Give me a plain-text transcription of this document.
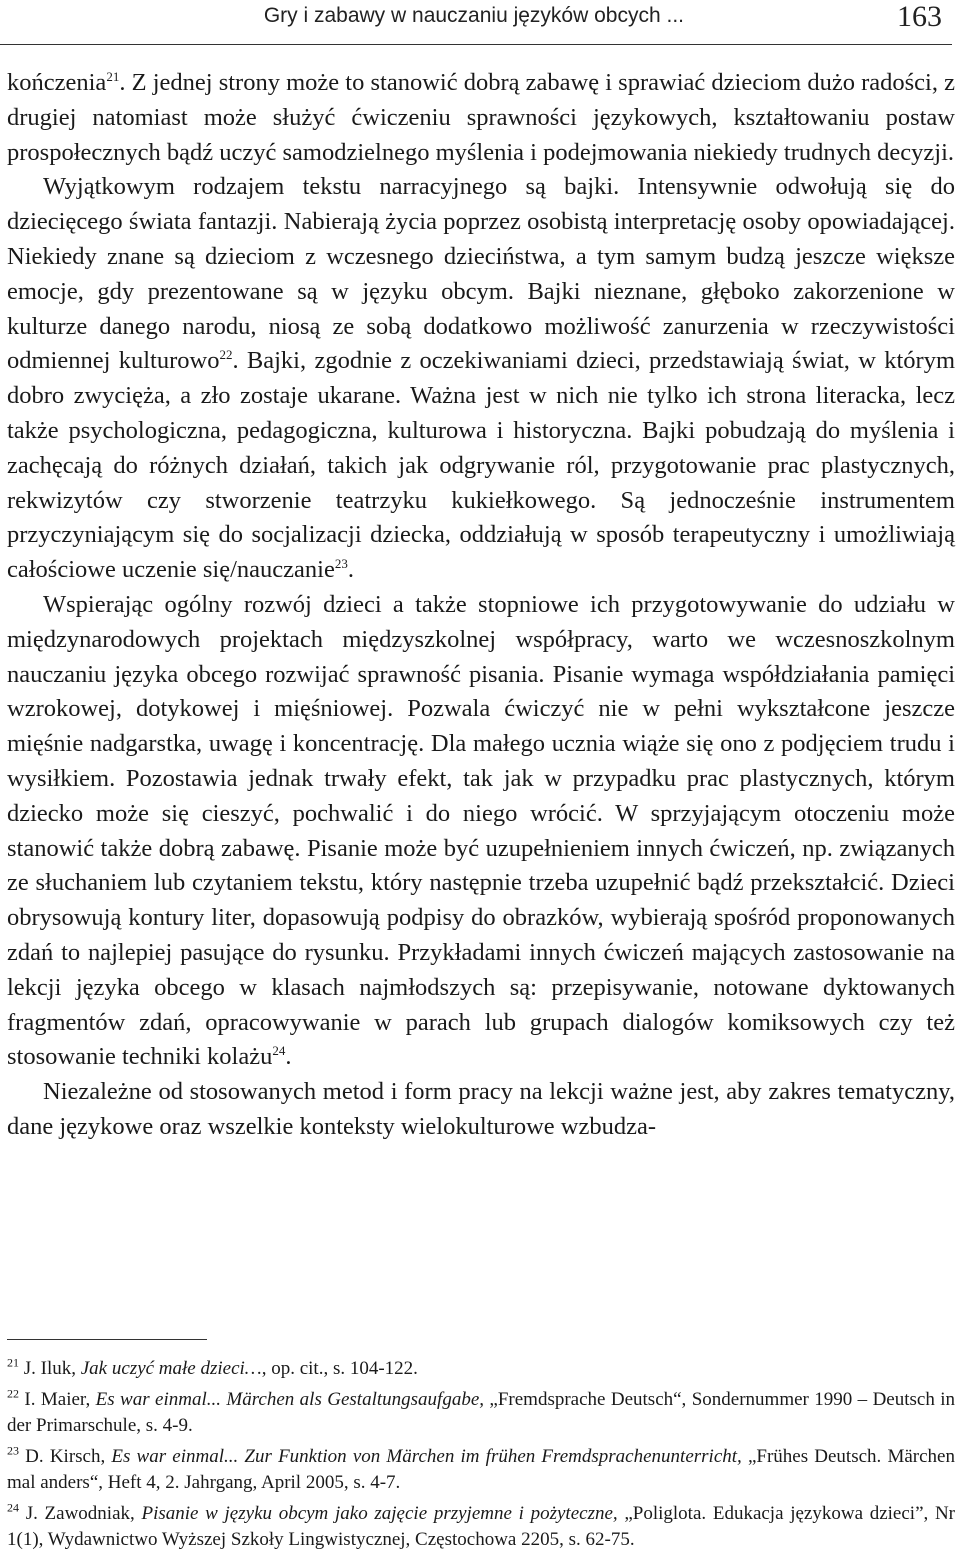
Gry i zabawy w nauczaniu języków obcych ...	163

kończenia$^{21}$. Z jednej strony może to stanowić dobrą zabawę i sprawiać dzieciom dużo radości, z drugiej natomiast może służyć ćwiczeniu sprawności językowych, kształtowaniu postaw prospołecznych bądź uczyć samodzielnego myślenia i podejmowania niekiedy trudnych decyzji.

Wyjątkowym rodzajem tekstu narracyjnego są bajki. Intensywnie odwołują się do dziecięcego świata fantazji. Nabierają życia poprzez osobistą interpretację osoby opowiadającej. Niekiedy znane są dzieciom z wczesnego dzieciństwa, a tym samym budzą jeszcze większe emocje, gdy prezentowane są w języku obcym. Bajki nieznane, głęboko zakorzenione w kulturze danego narodu, niosą ze sobą dodatkowo możliwość zanurzenia w rzeczywistości odmiennej kulturowo$^{22}$. Bajki, zgodnie z oczekiwaniami dzieci, przedstawiają świat, w którym dobro zwycięża, a zło zostaje ukarane. Ważna jest w nich nie tylko ich strona literacka, lecz także psychologiczna, pedagogiczna, kulturowa i historyczna. Bajki pobudzają do myślenia i zachęcają do różnych działań, takich jak odgrywanie ról, przygotowanie prac plastycznych, rekwizytów czy stworzenie teatrzyku kukiełkowego. Są jednocześnie instrumentem przyczyniającym się do socjalizacji dziecka, oddziałują w sposób terapeutyczny i umożliwiają całościowe uczenie się/nauczanie$^{23}$.

Wspierając ogólny rozwój dzieci a także stopniowe ich przygotowywanie do udziału w międzynarodowych projektach międzyszkolnej współpracy, warto we wczesnoszkolnym nauczaniu języka obcego rozwijać sprawność pisania. Pisanie wymaga współdziałania pamięci wzrokowej, dotykowej i mięśniowej. Pozwala ćwiczyć nie w pełni wykształcone jeszcze mięśnie nadgarstka, uwagę i koncentrację. Dla małego ucznia wiąże się ono z podjęciem trudu i wysiłkiem. Pozostawia jednak trwały efekt, tak jak w przypadku prac plastycznych, którym dziecko może się cieszyć, pochwalić i do niego wrócić. W sprzyjającym otoczeniu może stanowić także dobrą zabawę. Pisanie może być uzupełnieniem innych ćwiczeń, np. związanych ze słuchaniem lub czytaniem tekstu, który następnie trzeba uzupełnić bądź przekształcić. Dzieci obrysowują kontury liter, dopasowują podpisy do obrazków, wybierają spośród proponowanych zdań to najlepiej pasujące do rysunku. Przykładami innych ćwiczeń mających zastosowanie na lekcji języka obcego w klasach najmłodszych są: przepisywanie, notowane dyktowanych fragmentów zdań, opracowywanie w parach lub grupach dialogów komiksowych czy też stosowanie techniki kolażu$^{24}$.

Niezależne od stosowanych metod i form pracy na lekcji ważne jest, aby zakres tematyczny, dane językowe oraz wszelkie konteksty wielokulturowe wzbudza-

$^{21}$ J. Iluk, Jak uczyć małe dzieci…, op. cit., s. 104-122.

$^{22}$ I. Maier, Es war einmal... Märchen als Gestaltungsaufgabe, „Fremdsprache Deutsch“, Sondernummer 1990 – Deutsch in der Primarschule, s. 4-9.

$^{23}$ D. Kirsch, Es war einmal... Zur Funktion von Märchen im frühen Fremdsprachenunterricht, „Frühes Deutsch. Märchen mal anders“, Heft 4, 2. Jahrgang, April 2005, s. 4-7.

$^{24}$ J. Zawodniak, Pisanie w języku obcym jako zajęcie przyjemne i pożyteczne, „Poliglota. Edukacja językowa dzieci”, Nr 1(1), Wydawnictwo Wyższej Szkoły Lingwistycznej, Częstochowa 2205, s. 62-75.
